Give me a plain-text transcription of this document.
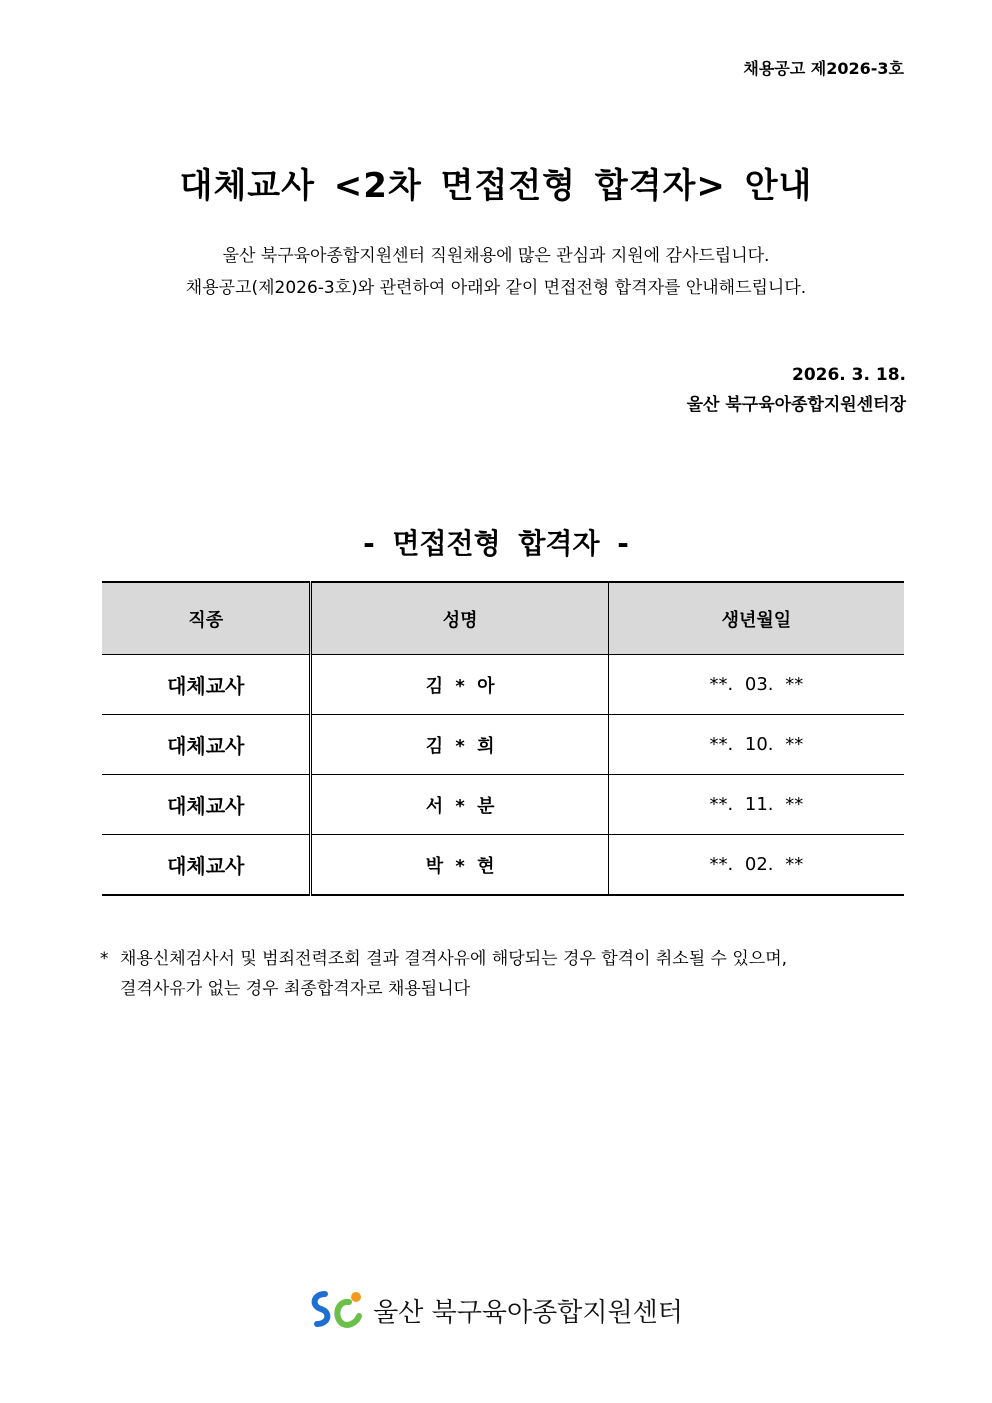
채용공고 제2026-3호
대체교사 <2차 면접전형 합격자> 안내
울산 북구육아종합지원센터 직원채용에 많은 관심과 지원에 감사드립니다.
채용공고(제2026-3호)와 관련하여 아래와 같이 면접전형 합격자를 안내해드립니다.
2026. 3. 18.
울산 북구육아종합지원센터장
- 면접전형 합격자 -
직종	성명	생년월일
대체교사	김 * 아	**. 03. **
대체교사	김 * 희	**. 10. **
대체교사	서 * 분	**. 11. **
대체교사	박 * 현	**. 02. **
* 채용신체검사서 및 범죄전력조회 결과 결격사유에 해당되는 경우 합격이 취소될 수 있으며,
결격사유가 없는 경우 최종합격자로 채용됩니다
울산 북구육아종합지원센터
